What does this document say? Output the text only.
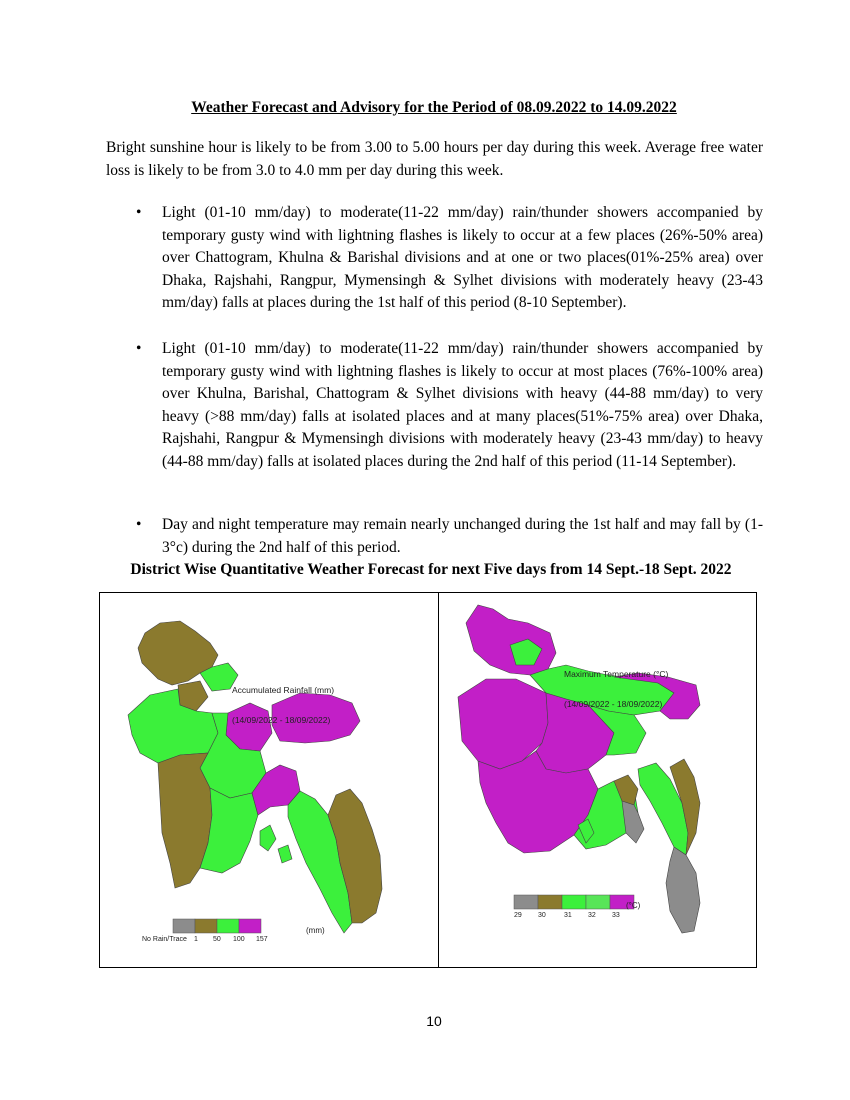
Weather Forecast and Advisory for the Period of 08.09.2022 to 14.09.2022
Bright sunshine hour is likely to be from 3.00 to 5.00 hours per day during this week. Average free water loss is likely to be from 3.0 to 4.0 mm per day during this week.
• Light (01-10 mm/day) to moderate(11-22 mm/day) rain/thunder showers accompanied by temporary gusty wind with lightning flashes is likely to occur at a few places (26%-50% area) over Chattogram, Khulna & Barishal divisions and at one or two places(01%-25% area) over Dhaka, Rajshahi, Rangpur, Mymensingh & Sylhet divisions with moderately heavy (23-43 mm/day) falls at places during the 1st half of this period (8-10 September).
• Light (01-10 mm/day) to moderate(11-22 mm/day) rain/thunder showers accompanied by temporary gusty wind with lightning flashes is likely to occur at most places (76%-100% area) over Khulna, Barishal, Chattogram & Sylhet divisions with heavy (44-88 mm/day) to very heavy (>88 mm/day) falls at isolated places and at many places(51%-75% area) over Dhaka, Rajshahi, Rangpur & Mymensingh divisions with moderately heavy (23-43 mm/day) to heavy (44-88 mm/day) falls at isolated places during the 2nd half of this period (11-14 September).
• Day and night temperature may remain nearly unchanged during the 1st half and may fall by (1- 3°c) during the 2nd half of this period.
District Wise Quantitative Weather Forecast for next Five days from 14 Sept.-18 Sept. 2022

Accumulated Rainfall (mm)

(14/09/2022 - 18/09/2022)

No Rain/Trace 1 50 100 157
(mm)

Maximum Temperature (°C)

(14/09/2022 - 18/09/2022)

29 30	31 32 33
(°C)
10
